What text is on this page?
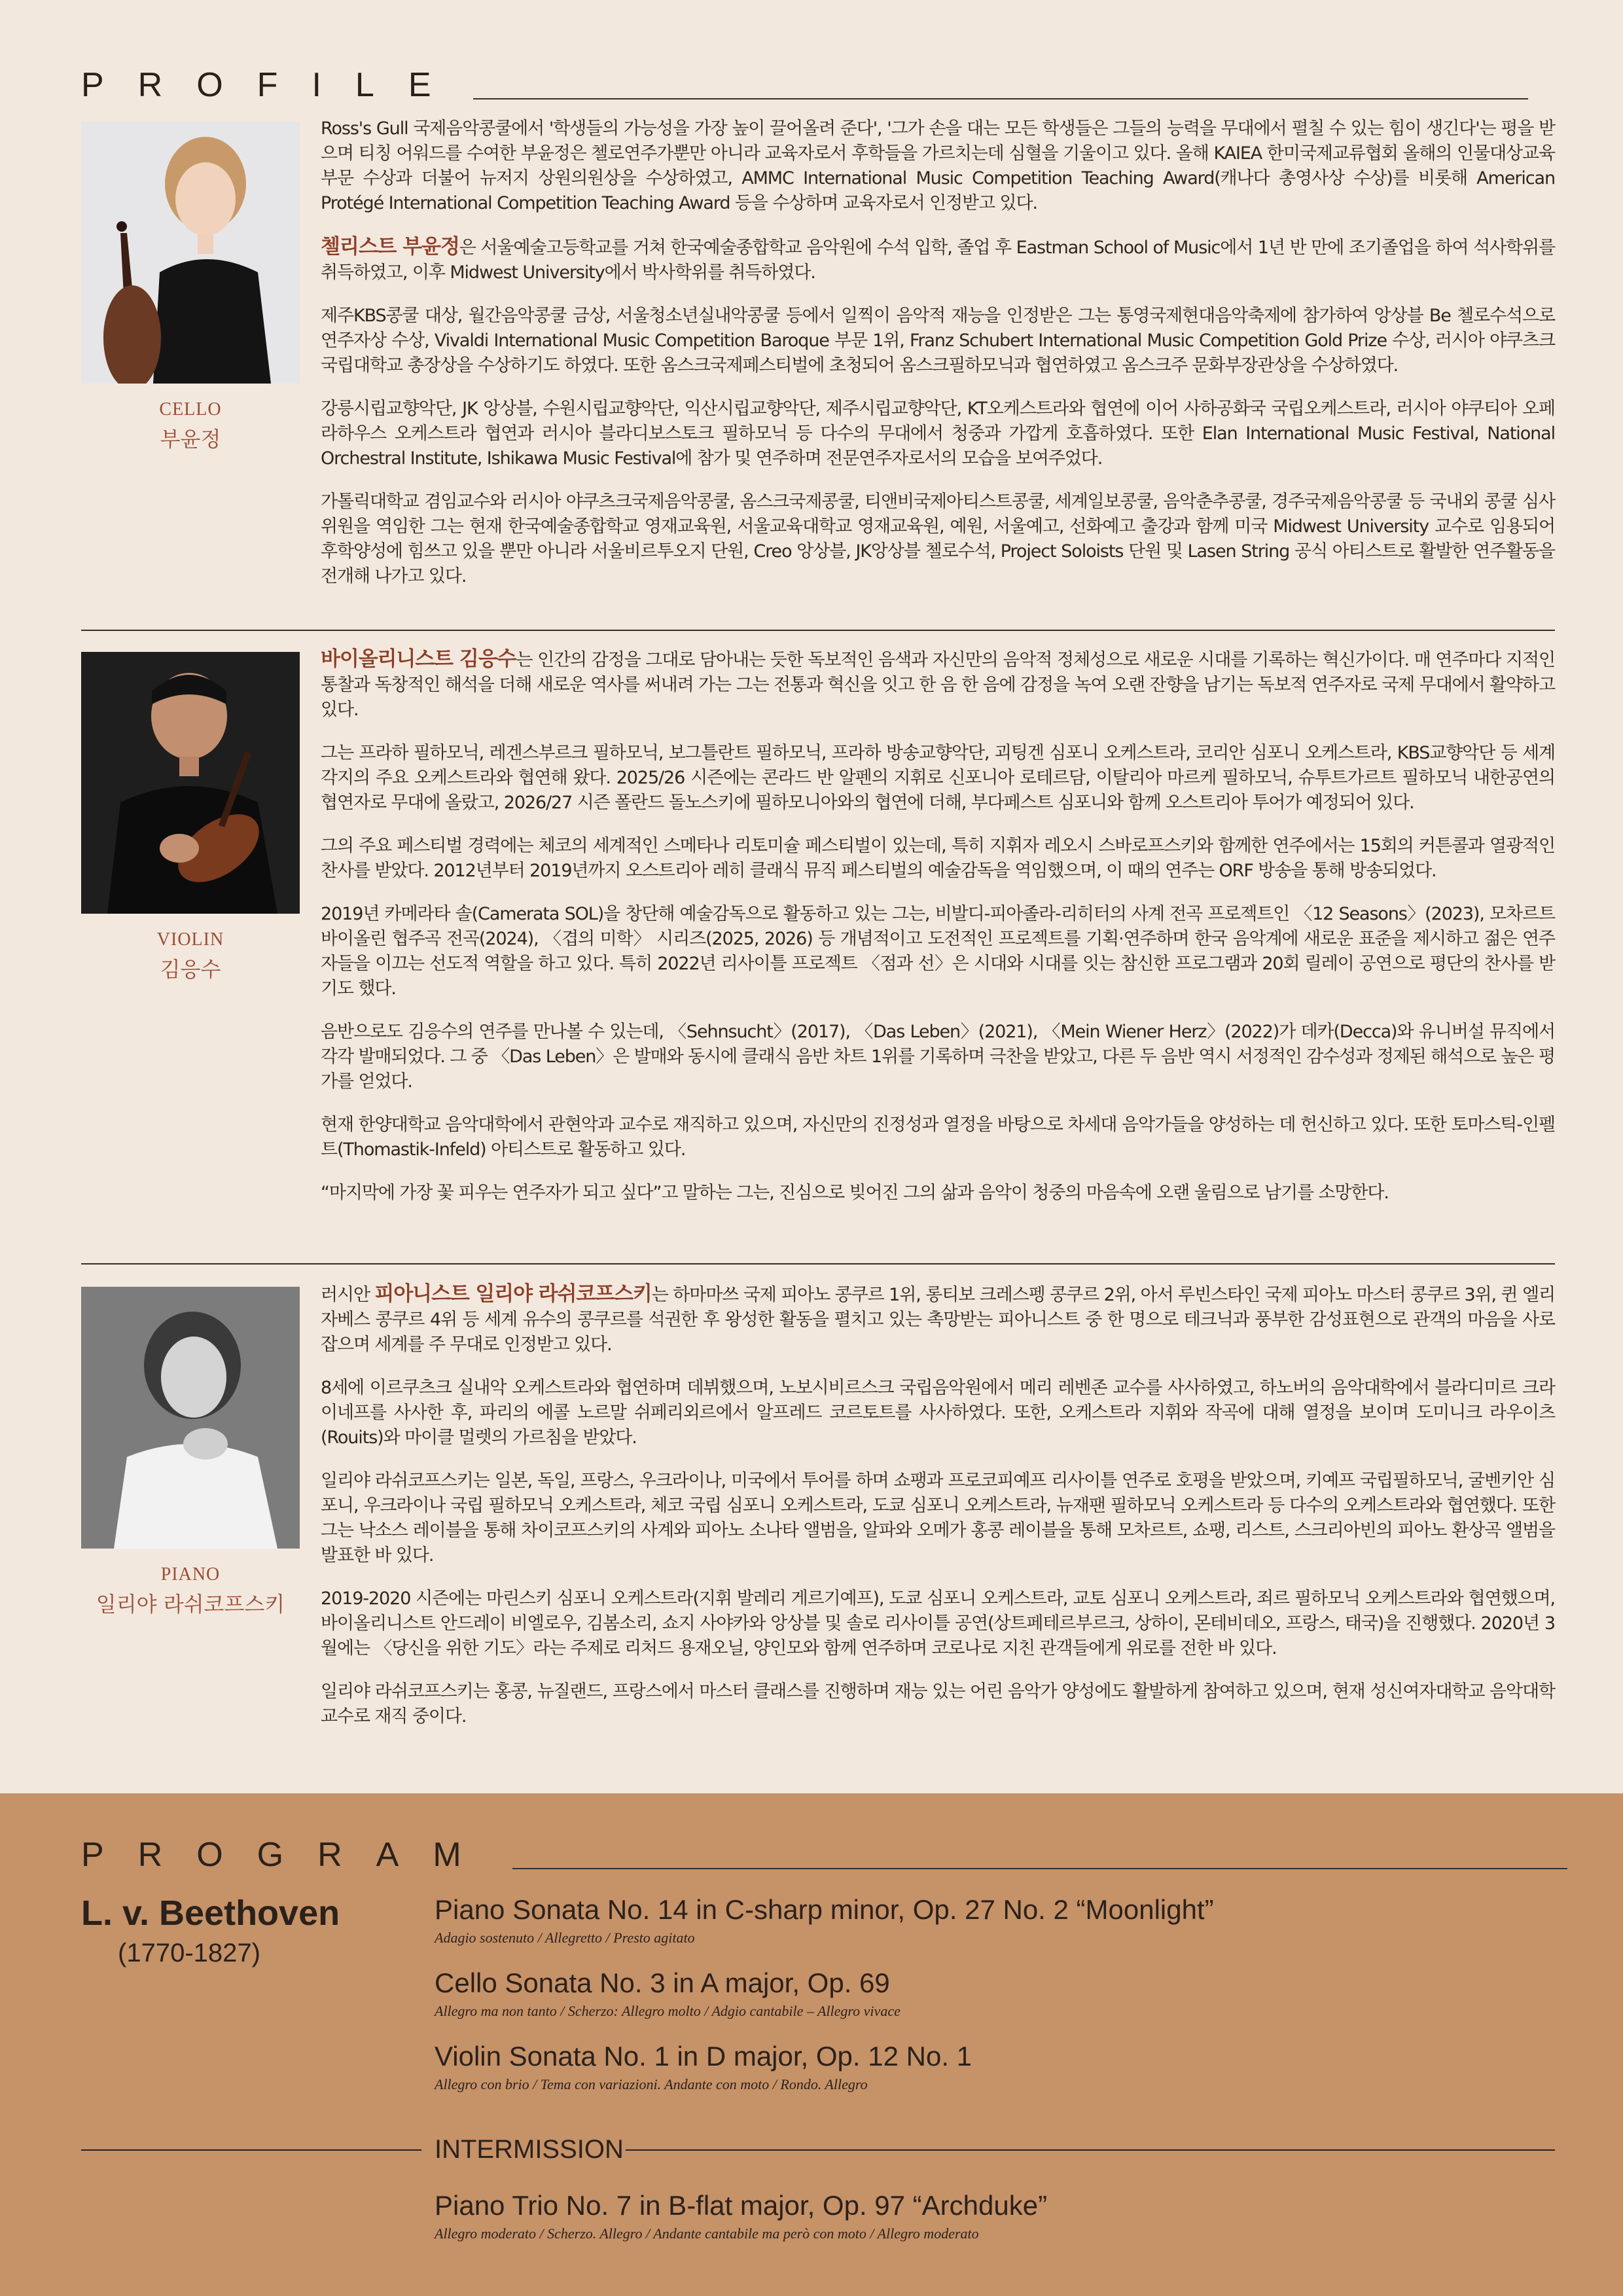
PROFILE
CELLO
부윤정

Ross's Gull 국제음악콩쿨에서 '학생들의 가능성을 가장 높이 끌어올려 준다', '그가 손을 대는 모든 학생들은 그들의 능력을 무대에서 펼칠 수 있는 힘이 생긴다'는 평을 받으며 티칭 어워드를 수여한 부윤정은 첼로연주가뿐만 아니라 교육자로서 후학들을 가르치는데 심혈을 기울이고 있다. 올해 KAIEA 한미국제교류협회 올해의 인물대상교육부문 수상과 더불어 뉴저지 상원의원상을 수상하였고, AMMC International Music Competition Teaching Award(캐나다 총영사상 수상)를 비롯해 American Protégé International Competition Teaching Award 등을 수상하며 교육자로서 인정받고 있다.

첼리스트 부윤정은 서울예술고등학교를 거쳐 한국예술종합학교 음악원에 수석 입학, 졸업 후 Eastman School of Music에서 1년 반 만에 조기졸업을 하여 석사학위를 취득하였고, 이후 Midwest University에서 박사학위를 취득하였다.

제주KBS콩쿨 대상, 월간음악콩쿨 금상, 서울청소년실내악콩쿨 등에서 일찍이 음악적 재능을 인정받은 그는 통영국제현대음악축제에 참가하여 앙상블 Be 첼로수석으로 연주자상 수상, Vivaldi International Music Competition Baroque 부문 1위, Franz Schubert International Music Competition Gold Prize 수상, 러시아 야쿠츠크국립대학교 총장상을 수상하기도 하였다. 또한 옴스크국제페스티벌에 초청되어 옴스크필하모닉과 협연하였고 옴스크주 문화부장관상을 수상하였다.

강릉시립교향악단, JK 앙상블, 수원시립교향악단, 익산시립교향악단, 제주시립교향악단, KT오케스트라와 협연에 이어 사하공화국 국립오케스트라, 러시아 야쿠티아 오페라하우스 오케스트라 협연과 러시아 블라디보스토크 필하모닉 등 다수의 무대에서 청중과 가깝게 호흡하였다. 또한 Elan International Music Festival, National Orchestral Institute, Ishikawa Music Festival에 참가 및 연주하며 전문연주자로서의 모습을 보여주었다.

가톨릭대학교 겸임교수와 러시아 야쿠츠크국제음악콩쿨, 옴스크국제콩쿨, 티앤비국제아티스트콩쿨, 세계일보콩쿨, 음악춘추콩쿨, 경주국제음악콩쿨 등 국내외 콩쿨 심사위원을 역임한 그는 현재 한국예술종합학교 영재교육원, 서울교육대학교 영재교육원, 예원, 서울예고, 선화예고 출강과 함께 미국 Midwest University 교수로 임용되어 후학양성에 힘쓰고 있을 뿐만 아니라 서울비르투오지 단원, Creo 앙상블, JK앙상블 첼로수석, Project Soloists 단원 및 Lasen String 공식 아티스트로 활발한 연주활동을 전개해 나가고 있다.

VIOLIN
김응수

바이올리니스트 김응수는 인간의 감정을 그대로 담아내는 듯한 독보적인 음색과 자신만의 음악적 정체성으로 새로운 시대를 기록하는 혁신가이다. 매 연주마다 지적인 통찰과 독창적인 해석을 더해 새로운 역사를 써내려 가는 그는 전통과 혁신을 잇고 한 음 한 음에 감정을 녹여 오랜 잔향을 남기는 독보적 연주자로 국제 무대에서 활약하고 있다.

그는 프라하 필하모닉, 레겐스부르크 필하모닉, 보그틀란트 필하모닉, 프라하 방송교향악단, 괴팅겐 심포니 오케스트라, 코리안 심포니 오케스트라, KBS교향악단 등 세계 각지의 주요 오케스트라와 협연해 왔다. 2025/26 시즌에는 콘라드 반 알펜의 지휘로 신포니아 로테르담, 이탈리아 마르케 필하모닉, 슈투트가르트 필하모닉 내한공연의 협연자로 무대에 올랐고, 2026/27 시즌 폴란드 돌노스키에 필하모니아와의 협연에 더해, 부다페스트 심포니와 함께 오스트리아 투어가 예정되어 있다.

그의 주요 페스티벌 경력에는 체코의 세계적인 스메타나 리토미슐 페스티벌이 있는데, 특히 지휘자 레오시 스바로프스키와 함께한 연주에서는 15회의 커튼콜과 열광적인 찬사를 받았다. 2012년부터 2019년까지 오스트리아 레히 클래식 뮤직 페스티벌의 예술감독을 역임했으며, 이 때의 연주는 ORF 방송을 통해 방송되었다.

2019년 카메라타 솔(Camerata SOL)을 창단해 예술감독으로 활동하고 있는 그는, 비발디-피아졸라-리히터의 사계 전곡 프로젝트인 〈12 Seasons〉(2023), 모차르트 바이올린 협주곡 전곡(2024), 〈겹의 미학〉 시리즈(2025, 2026) 등 개념적이고 도전적인 프로젝트를 기획·연주하며 한국 음악계에 새로운 표준을 제시하고 젊은 연주자들을 이끄는 선도적 역할을 하고 있다. 특히 2022년 리사이틀 프로젝트 〈점과 선〉은 시대와 시대를 잇는 참신한 프로그램과 20회 릴레이 공연으로 평단의 찬사를 받기도 했다.

음반으로도 김응수의 연주를 만나볼 수 있는데, 〈Sehnsucht〉(2017), 〈Das Leben〉(2021), 〈Mein Wiener Herz〉(2022)가 데카(Decca)와 유니버설 뮤직에서 각각 발매되었다. 그 중 〈Das Leben〉은 발매와 동시에 클래식 음반 차트 1위를 기록하며 극찬을 받았고, 다른 두 음반 역시 서정적인 감수성과 정제된 해석으로 높은 평가를 얻었다.

현재 한양대학교 음악대학에서 관현악과 교수로 재직하고 있으며, 자신만의 진정성과 열정을 바탕으로 차세대 음악가들을 양성하는 데 헌신하고 있다. 또한 토마스틱-인펠트(Thomastik-Infeld) 아티스트로 활동하고 있다.

“마지막에 가장 꽃 피우는 연주자가 되고 싶다”고 말하는 그는, 진심으로 빚어진 그의 삶과 음악이 청중의 마음속에 오랜 울림으로 남기를 소망한다.

PIANO
일리야 라쉬코프스키

러시안 피아니스트 일리야 라쉬코프스키는 하마마쓰 국제 피아노 콩쿠르 1위, 롱티보 크레스펭 콩쿠르 2위, 아서 루빈스타인 국제 피아노 마스터 콩쿠르 3위, 퀸 엘리자베스 콩쿠르 4위 등 세계 유수의 콩쿠르를 석권한 후 왕성한 활동을 펼치고 있는 촉망받는 피아니스트 중 한 명으로 테크닉과 풍부한 감성표현으로 관객의 마음을 사로잡으며 세계를 주 무대로 인정받고 있다.

8세에 이르쿠츠크 실내악 오케스트라와 협연하며 데뷔했으며, 노보시비르스크 국립음악원에서 메리 레벤존 교수를 사사하였고, 하노버의 음악대학에서 블라디미르 크라이네프를 사사한 후, 파리의 에콜 노르말 쉬페리외르에서 알프레드 코르토트를 사사하였다. 또한, 오케스트라 지휘와 작곡에 대해 열정을 보이며 도미니크 라우이츠(Rouits)와 마이클 멀렛의 가르침을 받았다.

일리야 라쉬코프스키는 일본, 독일, 프랑스, 우크라이나, 미국에서 투어를 하며 쇼팽과 프로코피예프 리사이틀 연주로 호평을 받았으며, 키예프 국립필하모닉, 굴벤키안 심포니, 우크라이나 국립 필하모닉 오케스트라, 체코 국립 심포니 오케스트라, 도쿄 심포니 오케스트라, 뉴재팬 필하모닉 오케스트라 등 다수의 오케스트라와 협연했다. 또한 그는 낙소스 레이블을 통해 차이코프스키의 사계와 피아노 소나타 앨범을, 알파와 오메가 홍콩 레이블을 통해 모차르트, 쇼팽, 리스트, 스크리아빈의 피아노 환상곡 앨범을 발표한 바 있다.

2019-2020 시즌에는 마린스키 심포니 오케스트라(지휘 발레리 게르기예프), 도쿄 심포니 오케스트라, 교토 심포니 오케스트라, 죄르 필하모닉 오케스트라와 협연했으며, 바이올리니스트 안드레이 비엘로우, 김봄소리, 쇼지 사야카와 앙상블 및 솔로 리사이틀 공연(상트페테르부르크, 상하이, 몬테비데오, 프랑스, 태국)을 진행했다. 2020년 3월에는 〈당신을 위한 기도〉라는 주제로 리처드 용재오닐, 양인모와 함께 연주하며 코로나로 지친 관객들에게 위로를 전한 바 있다.

일리야 라쉬코프스키는 홍콩, 뉴질랜드, 프랑스에서 마스터 클래스를 진행하며 재능 있는 어린 음악가 양성에도 활발하게 참여하고 있으며, 현재 성신여자대학교 음악대학 교수로 재직 중이다.

PROGRAM
L. v. Beethoven
(1770-1827)
Piano Sonata No. 14 in C-sharp minor, Op. 27 No. 2 “Moonlight”
Adagio sostenuto / Allegretto / Presto agitato
Cello Sonata No. 3 in A major, Op. 69
Allegro ma non tanto / Scherzo: Allegro molto / Adgio cantabile – Allegro vivace
Violin Sonata No. 1 in D major, Op. 12 No. 1
Allegro con brio / Tema con variazioni. Andante con moto / Rondo. Allegro
INTERMISSION
Piano Trio No. 7 in B-flat major, Op. 97 “Archduke”
Allegro moderato / Scherzo. Allegro / Andante cantabile ma però con moto / Allegro moderato
